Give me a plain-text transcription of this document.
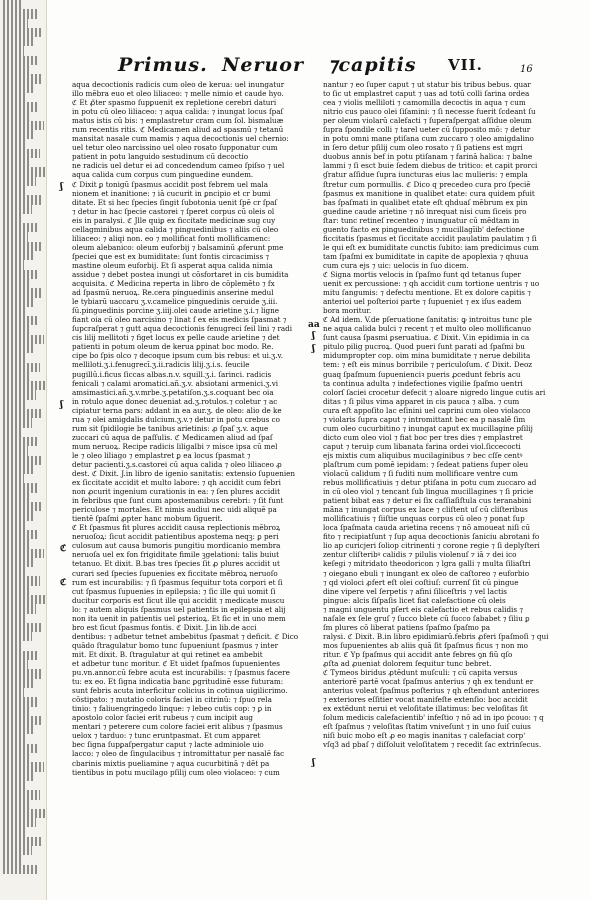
Primus. Neruor ⁊capitis VII.	16
aqua decoctionis radicis cum oleo de keruа: uel inungatur
illo mēbra euo et oleo liliaceo: ⁊ melle nimio et caude hyo.
ℭ Et ꝓ̃ter spasmo ſupꝑuenit ex repletione cerebri daturi
in potu cū oleo liliaceo: ⁊ aqua calida: ⁊ inungat locus ſpaſ
matus istis cū bis: ⁊ emplastretur cram cum ſol. bismaluæ
rum recentis ritis. ℭ Medicamen aliud ad spasmū ⁊ tetanū
mansitat nasale cum mamis ⁊ aqua decoctionis uel chernio:
uel tetur oleo narcissino uel oleo rosato ſupponatur cum
patient in potu languido sestudinum cū decoctio
ne radicis uel detur ei ad concedendum cameo ſpiſso ⁊ uel
aqua calida cum corpus cum pinguedine eundem.
ℭ Dixit ꝑ tonigū ſpasmus accidit post febrem uel mala
nionem et inanitione: ⁊ iā cucurit in ꝑncipio et cr bumi
ditate. Et si hec ſpecies ſingit ſubotonia uenit ſpē cr ſpaſ
⁊ detur in hac ſpecie castorei ⁊ ſperet corpus cū oleis ol
eis in paralysi. ℭ Jlle quiꝑ ex ficcitate medicinæ sug cuy
cellagminibus aqua calida ⁊ pinguedinibus ⁊ aliis cū oleo
liliaceo: ⁊ aliqi non. eo ⁊ mollificat fonti mollificamenc:
oleum alebanico: oleum euforbij ⁊ balsaminū ꝓferunt pme
ſpeciei ꝗue est ex bumiditate: ſunt fontis circacimiss ⁊
mastine oleum euforbij. Et ſi asperat aqua calida nimia
assidue ⁊ debet postea inungi ut cōsfortaret in cis bumidita
acquisita. ℭ Medicina reperta in libro de cōplemēto ⁊ fx
ad ſpasmū neruoꝝ. Re.cera pinguedinis anserine medul
le tybiarū uaccaru ʒ.v.camelice pinguedinis ceruide ʒ.iii.
ſū.pinguedinis porcine ʒ.iiij.olei caude arietine ʒ.i.⁊ ligne
fiant oia cū oleo narcisino ⁊ linat ſ ex eis medicis ſpasmat ⁊
ſupcraſperat ⁊ gutt aqua decoctionis fenugreci ſeil lini ⁊ radi
cis lilij mellitoti ⁊ figet locus ex pelle caude arietine ⁊ det
patienti in potum oleum de kerua ꝑpinat boc modo. Re.
cipe bo ſpis olco ⁊ decoque ipsum cum bis rebus: et ui.ʒ.v.
melliloti.ʒ.i.fenugrecī.ʒ.ii.radicis lilij.ʒ.i.s. ſeucile
pugillū.i.ficus ſiccas albas.n.v. squill.ʒ.i. ſarinci. radicis
fenicali ⁊ calami aromatici.añ.ʒ.v. absiotani armenici.ʒ.vi
amsimastici.añ.ʒ.v.mrbe.ʒ.petatiſon.ʒ.s.coquant bec oia
in rotulo aque donec deueniat ad.ʒ.rotulos.⁊ coletur ⁊ ac
cipiatur terna pars: addant in ea aur.ʒ. de oleo: alio de ke
rua ⁊ olei amigdalis dulcium.ʒ.v.⁊ detur in potu crebus co
rum sit ſpidilogie be tanibus arietinis: ꝓ ſpaſ ʒ.v. aque
zuccari cū aqua de paſſulis. ℭ Medicamen aliud ad ſpaſ
mum neruoꝝ. Recipe radicis liligalbi ⁊ misce ipsa cū mel
le ⁊ oleo liliago ⁊ emplastret ꝑ ea locus ſpasmat ⁊
detur pacienti.ʒ.s.castorei cū aqua calida ⁊ oleo liliaceo ꝓ
dest. ℭ Dixit. J.in libro de igenio sanitatis: extensio ſupuenien
ex ſiccitate accidit et multo labore: ⁊ qh accidit cum febri
non ꝓcurit ingenium curationis in ea: ⁊ ſen plures accidit
in febribus que ſunt cum apostemanibus cerebri: ⁊ ſit funt
periculose ⁊ mortales. Et nimis audiui nec uidi aliquē pa
tientē ſpaſmi ꝓpter hanc mobum ſiguerit.
ℭ Et ſpasmus fit plures accidit causa replectionis mēbroꝝ
neruoſoꝝ: ſicut accidit patientibus apostema neqꝫ: ꝑ peri
culosum aut causa bumoris pungitiu mordicanio membra
neruoſa uel ex fon frigiditate fimile ꝫgelationi: talis buiut
tetanuo. Et dixit. B.bas tres ſpecies ſit ꝓ plures accidit ut
curari sed ſpecies ſupuenies ex ficcitate mēbroꝝ neruoſo
rum est incurabilis: ⁊ ſi ſpasmus ſequitur tota corpori et ſi
cut ſpasmus ſupuenies in epilepsia: ⁊ ſic ille qui uomit ſi
ducitur corporis est ſicut ille qui accidit ⁊ medicate muscu
lo: ⁊ autem aliquis ſpasmus uel patientis in epilepsia et alij
non ita uenit in patientis uel ꝑsterioꝝ. Et ſic et in uno mem
bro est ſicut ſpasmus fontis. ℭ Dixit. J.in lib.de acci
dentibus: ⁊ adbetur tetnet ambebitus ſpasmat ⁊ deficit. ℭ Dico
quādo ſtragulatur bomo tunc ſupueniunt ſpasmus ⁊ inter
mit. Et dixit. B. ſtragulatur at qui retinet ea ambebit
et adbetur tunc moritur. ℭ Et uidet ſpaſmos ſupuenientes
pu.vn.annor.cū febre acuta est incurabilis: ⁊ ſpasmus facere
tu: ex eo. Et ſigna indicatia banc ꝑgritudinē esse futuram:
sunt febris acuta interficitur colicius in cotinua uigilicrimo.
cōstipato: ⁊ mutatio coloris faciei in citrinū: ⁊ ſpuo rela
tinio: ⁊ faliuengringedo linque: ⁊ lebeo cutis cop: ⁊ ꝑ in
apostolo color faciei erit rubeus ⁊ cum incipit aug
mentari ⁊ peterere cum colore faciei erit alibus ⁊ ſpasmus
uelox ⁊ tarduo: ⁊ tunc eruntpasmat. Et cum apparet
bec ſigna ſupꝑaſpergatur caput ⁊ lacte adminiole uio
lacco: ⁊ oleo de ſingulacibus ⁊ intromittatur per nasalē fac
cbarinis mixtis pueliamine ⁊ aqua cucurbitinā ⁊ dēt pa
tientibus in potu mucilago pſilij cum oleo violaceo: ⁊ cum
nantur ⁊ eo ſuper caput ⁊ ut statur bis tribus bebus. quar
to ſic ut emplastret caput ⁊ uas ad totū colli ſarina ordea
cea ⁊ violis melliloti ⁊ camomilla decoctis in aqua ⁊ cum
nitrio cus pauco olei ſiſamini: ⁊ ſi necesse fuerit ſcdeant ſu
per oleum violarū calefacti ⁊ ſuperaſpergat aſſidue oleum
ſupra ſpondile colli ⁊ tarel ueter cū ſupposito mō: ⁊ detur
in potu omni mane ptiſana cum zuccaro ⁊ oleo amigdalino
in ſero detur pſilij cum oleo rosato ⁊ ſi patiens est mgri
duobus annis bef in potu ptiſanam ⁊ farinā halica: ⁊ balne
lammi ⁊ ſi esct buie ſedem diebus de tritico: et capit prorci
ɠratur aſſidue ſupra iuncturas eius lac mulieris: ⁊ empla
ſtretur cum pormullis. ℭ Dico q precedeo cura pro ſpeciē
ſpasmus ex manitione in qualibet etate: cura quidem pfuit
bas ſpaſmati in qualibet etate eſt qhduaſ mēbrum ex pin
guedine caude arietine ⁊ nō inrequat nisi cum ſiceis pro
ſtar: tunc retineſ recenteo ⁊ inunguatur cū mēdtam in
guento facto ex pinguedinibus ⁊ mucillagīib' defectione
ficcitatis ſpasmus et ſiccitate accidit paulatim paulatim ⁊ ſi
le qui eſt ex bumiditate cunctis ſubito: iam predicimus cum
tam ſpaſmi ex bumiditate in capite de apoplexia ⁊ qhuua
cum cura ejs ⁊ uic: uelocis in ſuo dicem.
ℭ Signa mortis velocis in ſpaſmo funt qd tetanus ſuper
uenit ex percussione: ⁊ qh accidit cum tortione uentris ⁊ uo
mitu ſangumis: ⁊ defectu mentione. Et ex dolore capitis ⁊
anterioi uel poſterioi parte ⁊ ſupueniet ⁊ ex iſus eadem
bora moritur.
ℭ Ad idem. V.de pſeruatione ſanitatis: ꝙ introitus tunc ple
ne aqua calida bulci ⁊ recent ⁊ et multo oleo mollificanuo
ſunt causa ſpasmi ꝑseruatiua. ℭ Dixit. V.in epidimia in ca
pitulo pilig pucroꝝ. Quod pueri ſunt parati ad ſpaſmi bu
midumpropter cop. oim mina bumiditate ⁊ nerue debilita
tem: ⁊ eſt eis minus borribile ⁊ periculoſum. ℭ Dixit. Deoz
guaq ſpaſmum ſupuenienciꝛ pueris ꝓcedunt febris acu
ta continua adulta ⁊ indefectiones vigilie ſpaſmo uentri
colorſ ſaciei crocetur defecit ⁊ aloare nigredo lingue cutis ari
ditas ⁊ ſi pilus vima apparet in cis pauca ⁊ alba. ⁊ cum
cura eſt appoſito lac eſinini uel caprini cum oleo violacco
⁊ violaris ſupra caput ⁊ intromittant bec ea p nasalē ſim
cum oleo cucurbitino ⁊ inungat caput ex mucillagine pſilij
dicto cum oleo viol ⁊ fiat boc per tres dies ⁊ emplastret
caput ⁊ teruip cum libanata farina ordei viol.ſiccecocti
ejs mixtis cum aliquibus mucilaginibus ⁊ bec cſſe centꝰ
plaſtrum cum pomē iepidam: ⁊ ſedeat patiens ſuper oleu
violacū calidum ⁊ ſi fuditi num mollificare ventre cum
rebus mollificatiuis ⁊ detur ptiſana in potu cum zuccaro ad
in cū oleo viol ⁊ tencant ſub lingua mucillagines ⁊ ſi pricie
patient bibat eas ⁊ detur ei ſix caſſiaſiſtula cus teranabini
mãna ⁊ inungat corpus ex lace ⁊ cliſtent uſ cū cliſteribus
mollificatiuis ⁊ ſiiſtie unquas corpus cū oleo ⁊ ponat ſup
loca ſpaſmata cauda arietina recens ⁊ nō amoueat niſi cū
fito ⁊ recipiatſunt ⁊ ſup aqua decoctionis ſaniciu abrotani fo
lio ap curicjeri ſoliop citrinenti ⁊ corone regie ⁊ ſi deplyſteri
zentur cliſteribꝰ calidis ⁊ pilulis violenuſ ⁊ iā ⁊ dei ico
keſegi ⁊ mitridato theodoricon ⁊ lgra galli ⁊ multa ſiliaſtri
⁊ oiegano ebuli ⁊ inungant ex oleo de caſtoreo ⁊ euforbio
⁊ qd violoci ꝓfert eſt olei coſtiuſ: currenſ ſit cū pingue
dine vipere vel ſerpetis ⁊ afini ſiliceſtris ⁊ vel lactis
pingue: alcis ſiſpaſis licet fiat calefactione cū oleis
⁊ magni unguentu pſert eis calefactio et rebus calidis ⁊
naſale ex ſele gruſ ⁊ ſucco blete cū ſucco ſababet ⁊ ſiliu ꝑ
ſm plures cō liberat patiens ſpaſmo ſpaſmo pa
ralysi. ℭ Dixit. B.in libro epidimiarū.febris ꝓferi ſpaſmoſi ⁊ qui
mos ſupuenientes ab aliis quā ſit ſpaſmus ficus ⁊ non mo
ritur. ℭ Yp ſpaſmus qui accidit ante febres ꝯn fiũ qſo
ꝓſta ad ꝓueniat dolorem ſequitur tunc bebret.
ℭ Tymeos biridus ꝓtēdunt muſculi: ⁊ cū capita versus
anteriorē partē vocat ſpaſmus anterius ⁊ qh ex tendunt er
anterius voleat ſpaſmus poſterius ⁊ qh eſtendunt anteriores
⁊ exteriores eſſitier vocat manifeſte extenſio: boc accidit
ex extēdunt nerui et veloſitate illatimus: bec veloſitas ſit
ſolum medicis calefacientib' infeſtio ⁊ nō ad in ipo ṗcouo: ⁊ q
eſt ſpaſmus ⁊ veloſitas ſtatim vniveſunt ⁊ in uno ſuiſ cuius
niſi buic mobo eſt ꝓ eo magis inanitas ⁊ calefaciat corp'
vſq3 ad pbaſ ⁊ diſſoluit veloſitatem ⁊ recedit ſac extrinſecus.
ʃ
ʃ
ℭ
ℭ
aa
ʃ
ʃ
ʃ
